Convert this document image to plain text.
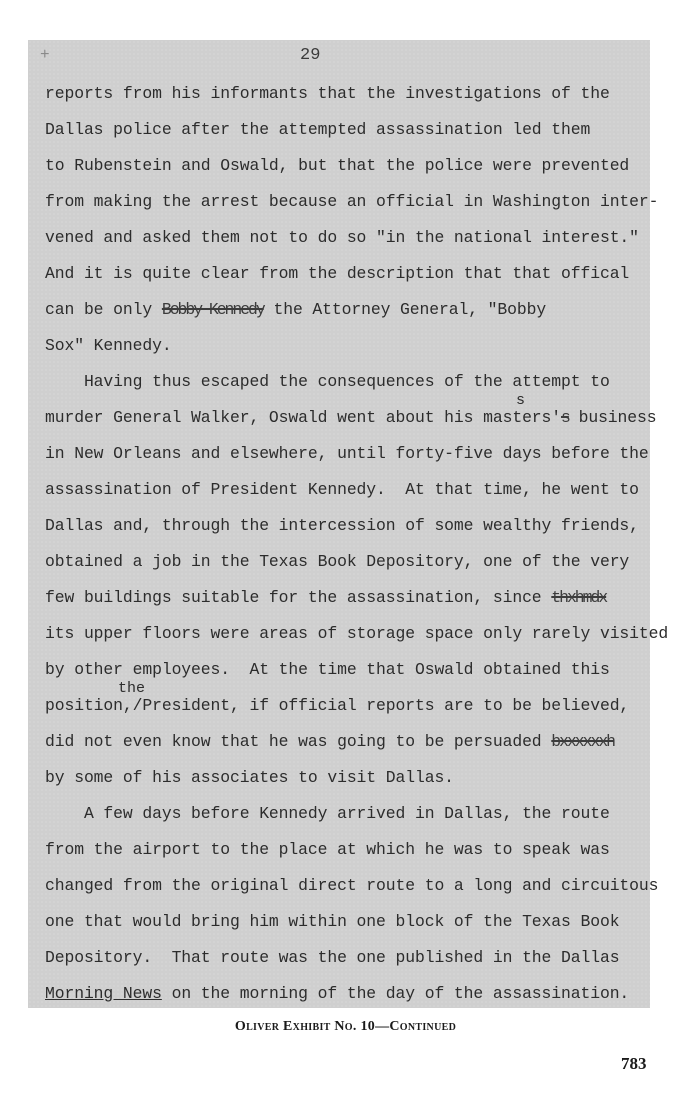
+	29
reports from his informants that the investigations of the
Dallas police after the attempted assassination led them
to Rubenstein and Oswald, but that the police were prevented
from making the arrest because an official in Washington inter-
vened and asked them not to do so "in the national interest."
And it is quite clear from the description that that offical
can be only Bobby Kennedy the Attorney General, "Bobby
Sox" Kennedy.
Having thus escaped the consequences of the attempt to
s
murder General Walker, Oswald went about his masters's business
in New Orleans and elsewhere, until forty-five days before the
assassination of President Kennedy.  At that time, he went to
Dallas and, through the intercession of some wealthy friends,
obtained a job in the Texas Book Depository, one of the very
few buildings suitable for the assassination, since thxhmdx
its upper floors were areas of storage space only rarely visited
by other employees.  At the time that Oswald obtained this
the
position,/President, if official reports are to be believed,
did not even know that he was going to be persuaded bxxxxxxh
by some of his associates to visit Dallas.
A few days before Kennedy arrived in Dallas, the route
from the airport to the place at which he was to speak was
changed from the original direct route to a long and circuitous
one that would bring him within one block of the Texas Book
Depository.  That route was the one published in the Dallas
Morning News on the morning of the day of the assassination.
Oliver Exhibit No. 10—Continued
783
